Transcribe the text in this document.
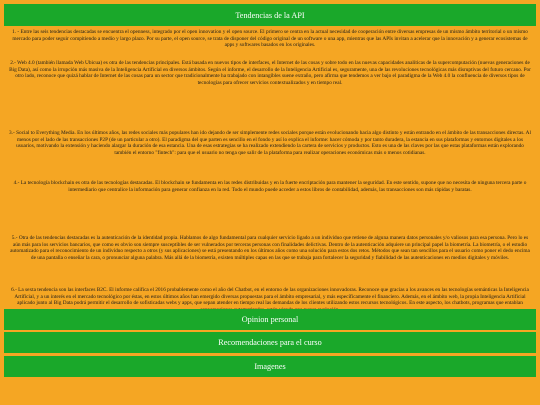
Tendencias de la API

1. - Entre las seis tendencias destacadas se encuentra el openness, integrado por el open innovation y el open source. El primero se centra en la actual necesidad de cooperación entre diversas empresas de un mismo ámbito territorial o un mismo mercado para poder seguir compitiendo a medio y largo plazo. Por su parte, el open source, se trata de disponer del código original de un software o una app, mientras que las APIs invitan a acelerar que la innovación y a generar ecosistemas de apps y softwares basados en los originales.

2.- Web 4.0 (también llamada Web Ubicua) es otra de las tendencias principales. Está basada en nuevos tipos de interfaces, el Internet de las cosas y sobre todo en las nuevas capacidades analíticas de la supercomputación (nuevas generaciones de Big Data), así como la irrupción más masiva de la Inteligencia Artificial en diversos ámbitos. Según el informe, el desarrollo de la Inteligencia Artificial es, seguramente, una de las revoluciones tecnológicas más disruptivas del futuro cercano. Por otro lado, reconoce que quizá hablar de Internet de las cosas para un sector que tradicionalmente ha trabajado con intangibles suene extraño, pero afirma que tendemos a ver bajo el paradigma de la Web 4.0 la confluencia de diversos tipos de tecnologías para ofrecer servicios contextualizados y en tiempo real.

3.- Social to Everything Media. En los últimos años, las redes sociales más populares han ido dejando de ser simplemente redes sociales porque están evolucionando hacia algo distinto y están entrando en el ámbito de las transacciones directas. Al menos por el lado de las transacciones P2P (de un particular a otro). El paradigma del que parten es sencillo en el fondo y así lo explica el informe: hacer cómoda y por tanto duradera, la estancia en sus plataformas y entornos digitales a los usuarios, motivando la extensión y haciendo alargar la duración de esa estancia. Una de esas estrategias se ha realizado extendiendo la cartera de servicios y productos. Esto es una de las claves por las que estas plataformas están explorando también el entorno "fintech": para que el usuario no tenga que salir de la plataforma para realizar operaciones económicas más o menos cotidianas.

4.- La tecnología blockchain es otra de las tecnologías destacadas. El blockchain se fundamenta en las redes distribuidas y en la fuerte encriptación para mantener la seguridad. En este sentido, supone que no necesita de ninguna tercera parte o intermediario que centralice la información para generar confianza en la red. Todo el mundo puede acceder a estos libros de contabilidad, además, las transacciones son más rápidas y baratas.

5.- Otra de las tendencias destacadas es la autenticación de la identidad propia. Hablamos de algo fundamental para cualquier servicio ligado a un individuo que retiene de alguna manera datos personales y/o valiosos para esa persona. Pero lo es aún más para los servicios bancarios, que como es obvio son siempre susceptibles de ser vulnerados por terceras personas con finalidades delictivas. Dentro de la autenticación adquiere un principal papel la biometría. La biometría, o el estudio automatizado para el reconocimiento de un individuo respecto a otros (y sus aplicaciones) se está presentando en los últimos años como una solución para estos dos retos. Métodos que sean tan sencillos para el usuario como poner el dedo encima de una pantalla o enseñar la cara, o pronunciar alguna palabra. Más allá de la biometría, existen múltiples capas en las que se trabaja para fortalecer la seguridad y fiabilidad de las autenticaciones en medios digitales y móviles.

6.- La sexta tendencia son las interfaces B2C. El informe califica el 2016 probablemente como el año del Chatbot, en el entorno de las organizaciones innovadoras. Reconoce que gracias a los avances en las tecnologías semánticas la Inteligencia Artificial, y a un interés en el mercado tecnológico por éstas, en estos últimos años han emergido diversas propuestas para el ámbito empresarial, y más específicamente el financiero. Además, en el ámbito web, la propia Inteligencia Artificial aplicado junto al Big Data podrá permitir el desarrollo de sofisticadas webs y apps, que sepan atender en tiempo real las demandas de los clientes utilizando estos recursos tecnológicos. En este aspecto, los chatbots, programas que entablan

Opinion personal
Recomendaciones para el curso
Imagenes
